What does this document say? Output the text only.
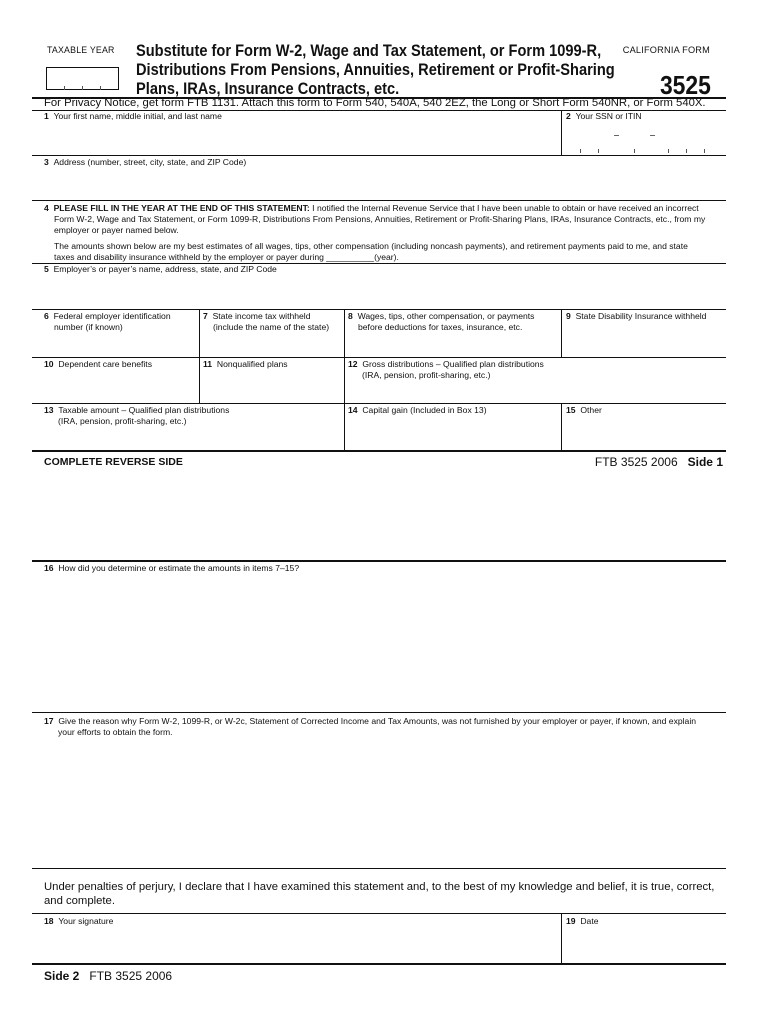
TAXABLE YEAR Substitute for Form W-2, Wage and Tax Statement, or Form 1099-R,
Distributions From Pensions, Annuities, Retirement or Profit-Sharing
Plans, IRAs, Insurance Contracts, etc.
CALIFORNIA FORM
3525
For Privacy Notice, get form FTB 1131. Attach this form to Form 540, 540A, 540 2EZ, the Long or Short Form 540NR, or Form 540X.
1 Your first name, middle initial, and last name	2 Your SSN or ITIN
3 Address (number, street, city, state, and ZIP Code)
4 PLEASE FILL IN THE YEAR AT THE END OF THIS STATEMENT: I notified the Internal Revenue Service that I have been unable to obtain or have received an incorrect
Form W-2, Wage and Tax Statement, or Form 1099-R, Distributions From Pensions, Annuities, Retirement or Profit-Sharing Plans, IRAs, Insurance Contracts, etc., from my
employer or payer named below.
The amounts shown below are my best estimates of all wages, tips, other compensation (including noncash payments), and retirement payments paid to me, and state
taxes and disability insurance withheld by the employer or payer during __________(year).
5 Employer’s or payer’s name, address, state, and ZIP Code
6 Federal employer identification
number (if known)
7 State income tax withheld
(include the name of the state)
8 Wages, tips, other compensation, or payments
before deductions for taxes, insurance, etc.
9 State Disability Insurance withheld
10 Dependent care benefits	11 Nonqualified plans	12 Gross distributions – Qualified plan distributions
(IRA, pension, profit-sharing, etc.)
13 Taxable amount – Qualified plan distributions
(IRA, pension, profit-sharing, etc.)
14 Capital gain (Included in Box 13)	15 Other
COMPLETE REVERSE SIDE	FTB 3525 2006 Side 1
16 How did you determine or estimate the amounts in items 7–15?
17 Give the reason why Form W-2, 1099-R, or W-2c, Statement of Corrected Income and Tax Amounts, was not furnished by your employer or payer, if known, and explain
your efforts to obtain the form.
Under penalties of perjury, I declare that I have examined this statement and, to the best of my knowledge and belief, it is true, correct,
and complete.
18 Your signature	19 Date
Side 2 FTB 3525 2006
